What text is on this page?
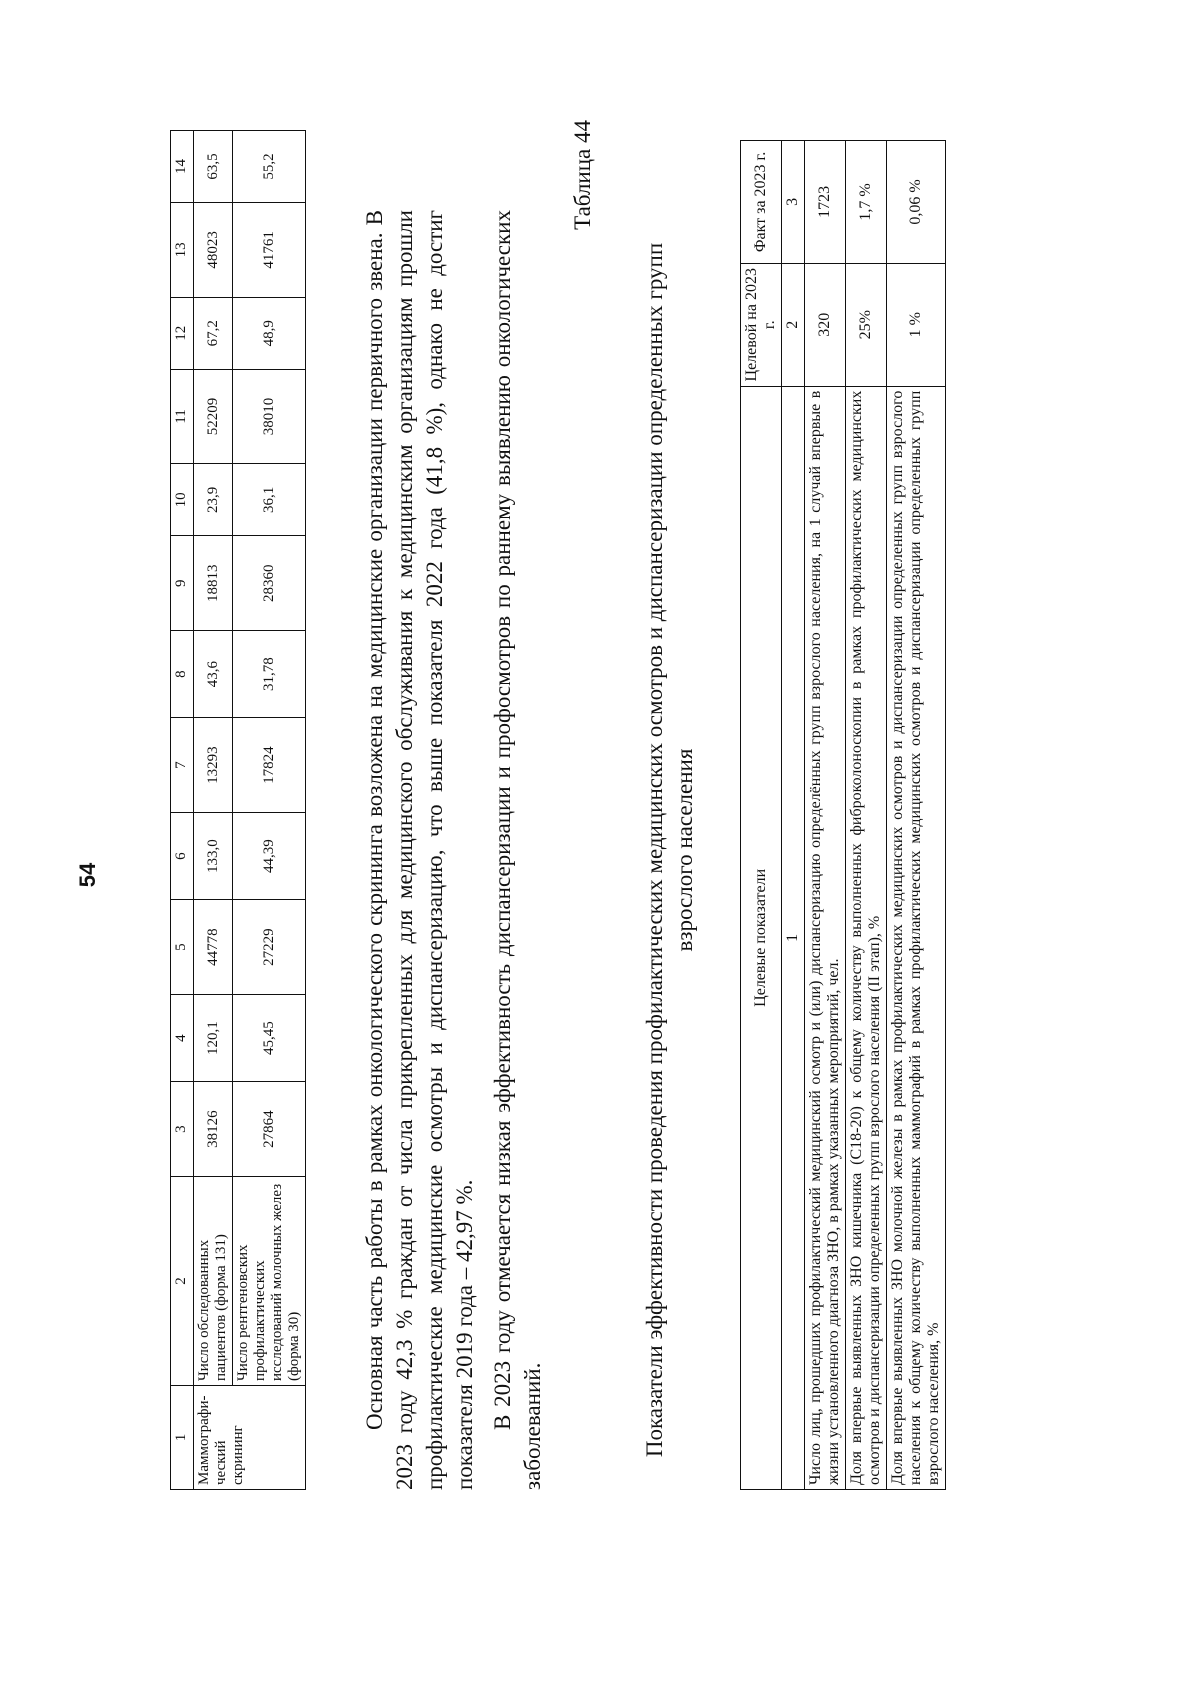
54
1	2	3	4	5	6	7	8	9	10	11	12	13	14
Маммографи-ческий скрининг	Число обследованных пациентов (форма 131)	38126	120,1	44778	133,0	13293	43,6	18813	23,9	52209	67,2	48023	63,5
	Число рентгеновских профилактических исследований молочных желез (форма 30)	27864	45,45	27229	44,39	17824	31,78	28360	36,1	38010	48,9	41761	55,2

Основная часть работы в рамках онкологического скрининга возложена на медицинские организации первичного звена. В 2023 году 42,3 % граждан от числа прикрепленных для медицинского обслуживания к медицинским организациям прошли профилактические медицинские осмотры и диспансеризацию, что выше показателя 2022 года (41,8 %), однако не достиг показателя 2019 года – 42,97 %. В 2023 году отмечается низкая эффективность диспансеризации и профосмотров по раннему выявлению онкологических заболеваний.

Таблица 44
Показатели эффективности проведения профилактических медицинских осмотров и диспансеризации определенных групп взрослого населения	Целевые показатели	Целевой на 2023 г.	Факт за 2023 г.
1	2	3
Число лиц, прошедших профилактический медицинский осмотр и (или) диспансеризацию определённых групп взрослого населения, на 1 случай впервые в жизни установленного диагноза ЗНО, в рамках указанных мероприятий, чел.	320	1723
Доля впервые выявленных ЗНО кишечника (С18-20) к общему количеству выполненных фиброколоноскопии в рамках профилактических медицинских осмотров и диспансеризации определенных групп взрослого населения (II этап), %	25%	1,7 %
Доля впервые выявленных ЗНО молочной железы в рамках профилактических медицинских осмотров и диспансеризации определенных групп взрослого населения к общему количеству выполненных маммографий в рамках профилактических медицинских осмотров и диспансеризации определенных групп взрослого населения, %	1 %	0,06 %
